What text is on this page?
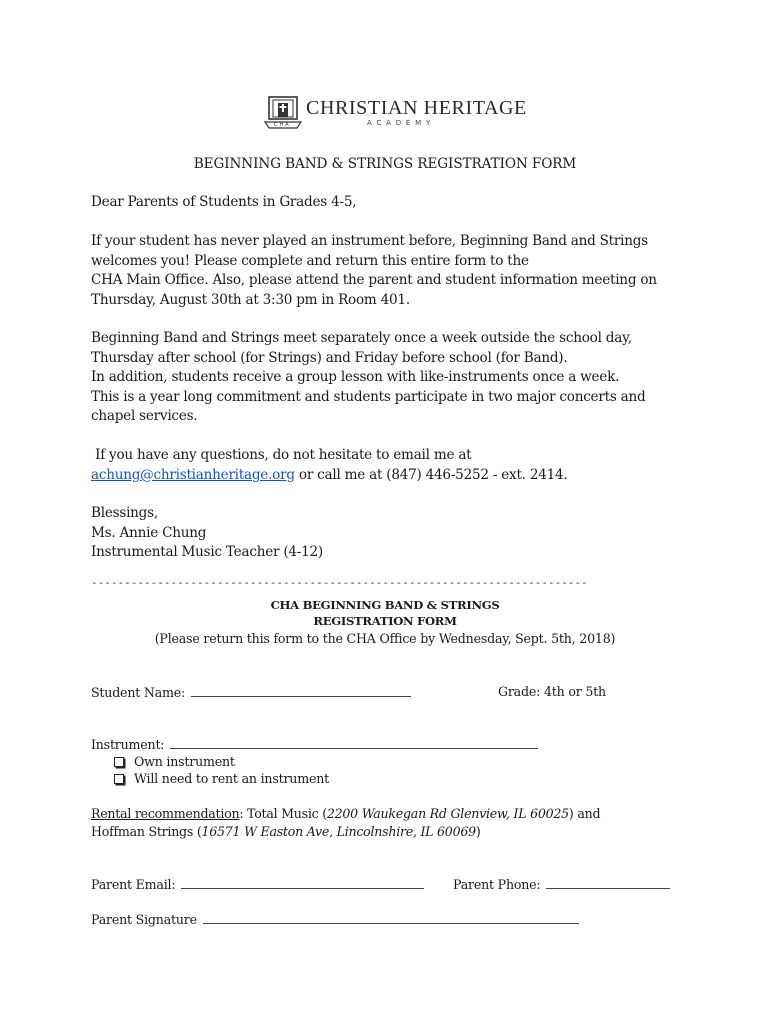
CHA
CHRISTIAN HERITAGE
ACADEMY
BEGINNING BAND & STRINGS REGISTRATION FORM
Dear Parents of Students in Grades 4-5,
If your student has never played an instrument before, Beginning Band and Strings
welcomes you! Please complete and return this entire form to the
CHA Main Office. Also, please attend the parent and student information meeting on
Thursday, August 30th at 3:30 pm in Room 401.
Beginning Band and Strings meet separately once a week outside the school day,
Thursday after school (for Strings) and Friday before school (for Band).
In addition, students receive a group lesson with like-instruments once a week.
This is a year long commitment and students participate in two major concerts and
chapel services.
If you have any questions, do not hesitate to email me at
achung@christianheritage.org or call me at (847) 446-5252 - ext. 2414.
Blessings,
Ms. Annie Chung
Instrumental Music Teacher (4-12)
---------------------------------------------------------------------------
CHA BEGINNING BAND & STRINGS
REGISTRATION FORM
(Please return this form to the CHA Office by Wednesday, Sept. 5th, 2018)
Student Name:	Grade: 4th or 5th
Instrument:
Own instrument
Will need to rent an instrument
Rental recommendation: Total Music (2200 Waukegan Rd Glenview, IL 60025) and
Hoffman Strings (16571 W Easton Ave, Lincolnshire, IL 60069)
Parent Email:	Parent Phone:
Parent Signature
